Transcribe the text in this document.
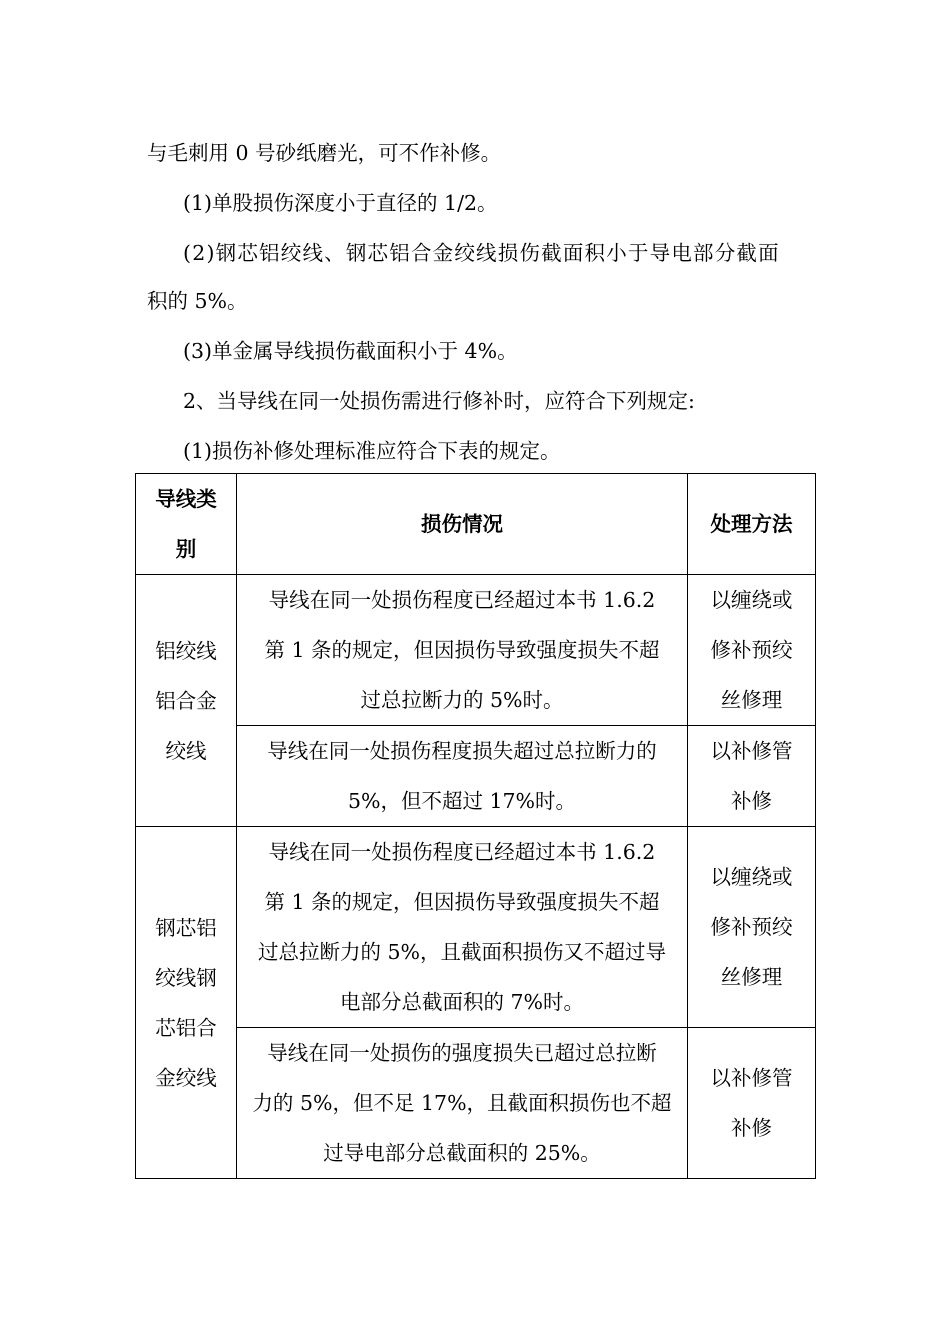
与毛刺用 0 号砂纸磨光，可不作补修。
(1)单股损伤深度小于直径的 1/2。
(2)钢芯铝绞线、钢芯铝合金绞线损伤截面积小于导电部分截面
积的 5%。
(3)单金属导线损伤截面积小于 4%。
2、当导线在同一处损伤需进行修补时，应符合下列规定:
(1)损伤补修处理标准应符合下表的规定。
导线类
别	损伤情况	处理方法
铝绞线
铝合金
绞线	导线在同一处损伤程度已经超过本书 1.6.2
第 1 条的规定，但因损伤导致强度损失不超
过总拉断力的 5%时。	以缠绕或
修补预绞
丝修理
	导线在同一处损伤程度损失超过总拉断力的
5%，但不超过 17%时。	以补修管
补修
钢芯铝
绞线钢
芯铝合
金绞线	导线在同一处损伤程度已经超过本书 1.6.2
第 1 条的规定，但因损伤导致强度损失不超
过总拉断力的 5%，且截面积损伤又不超过导
电部分总截面积的 7%时。	以缠绕或
修补预绞
丝修理
	导线在同一处损伤的强度损失已超过总拉断
力的 5%，但不足 17%，且截面积损伤也不超
过导电部分总截面积的 25%。	以补修管
补修
